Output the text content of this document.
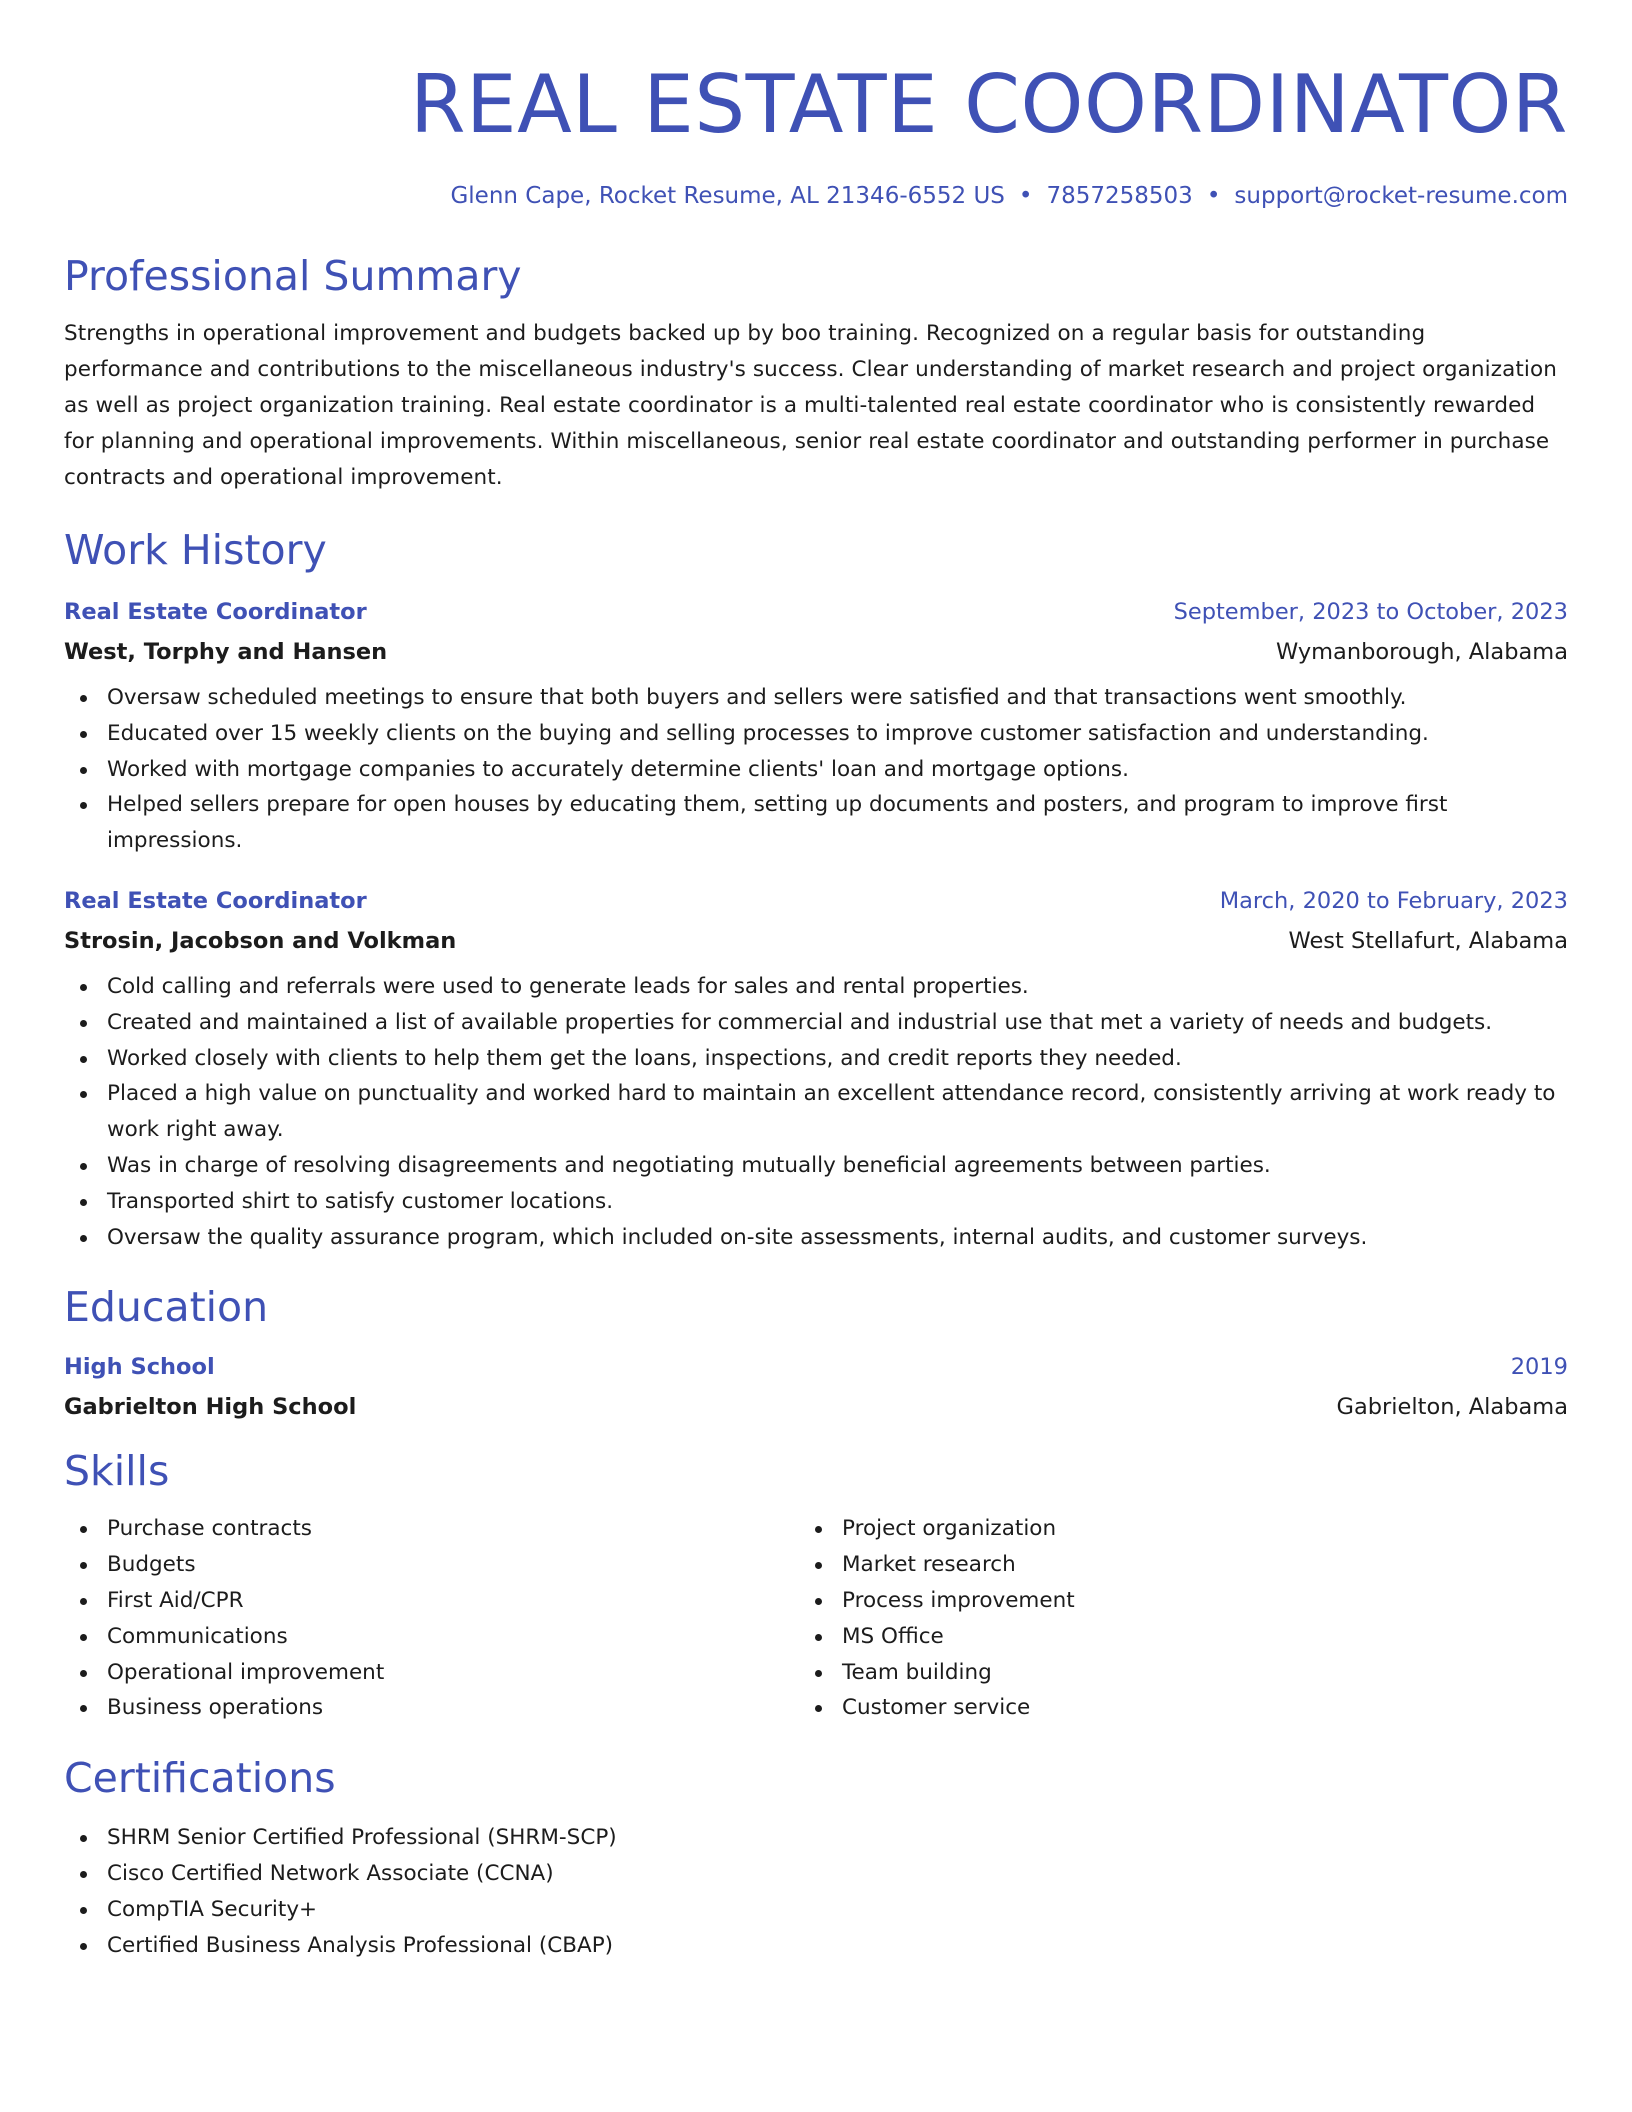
REAL ESTATE COORDINATOR
Glenn Cape, Rocket Resume, AL 21346-6552 US • 7857258503 • support@rocket-resume.com
Professional Summary
Strengths in operational improvement and budgets backed up by boo training. Recognized on a regular basis for outstanding performance and contributions to the miscellaneous industry's success. Clear understanding of market research and project organization as well as project organization training. Real estate coordinator is a multi-talented real estate coordinator who is consistently rewarded for planning and operational improvements. Within miscellaneous, senior real estate coordinator and outstanding performer in purchase contracts and operational improvement.
Work History
Real Estate Coordinator	September, 2023 to October, 2023
West, Torphy and Hansen	Wymanborough, Alabama
Oversaw scheduled meetings to ensure that both buyers and sellers were satisfied and that transactions went smoothly.
Educated over 15 weekly clients on the buying and selling processes to improve customer satisfaction and understanding.
Worked with mortgage companies to accurately determine clients' loan and mortgage options.
Helped sellers prepare for open houses by educating them, setting up documents and posters, and program to improve first impressions.
Real Estate Coordinator	March, 2020 to February, 2023
Strosin, Jacobson and Volkman	West Stellafurt, Alabama
Cold calling and referrals were used to generate leads for sales and rental properties.
Created and maintained a list of available properties for commercial and industrial use that met a variety of needs and budgets.
Worked closely with clients to help them get the loans, inspections, and credit reports they needed.
Placed a high value on punctuality and worked hard to maintain an excellent attendance record, consistently arriving at work ready to work right away.
Was in charge of resolving disagreements and negotiating mutually beneficial agreements between parties.
Transported shirt to satisfy customer locations.
Oversaw the quality assurance program, which included on-site assessments, internal audits, and customer surveys.
Education
High School	2019
Gabrielton High School	Gabrielton, Alabama
Skills
Purchase contracts
Budgets
First Aid/CPR
Communications
Operational improvement
Business operations
Project organization
Market research
Process improvement
MS Office
Team building
Customer service
Certifications
SHRM Senior Certified Professional (SHRM-SCP)
Cisco Certified Network Associate (CCNA)
CompTIA Security+
Certified Business Analysis Professional (CBAP)
